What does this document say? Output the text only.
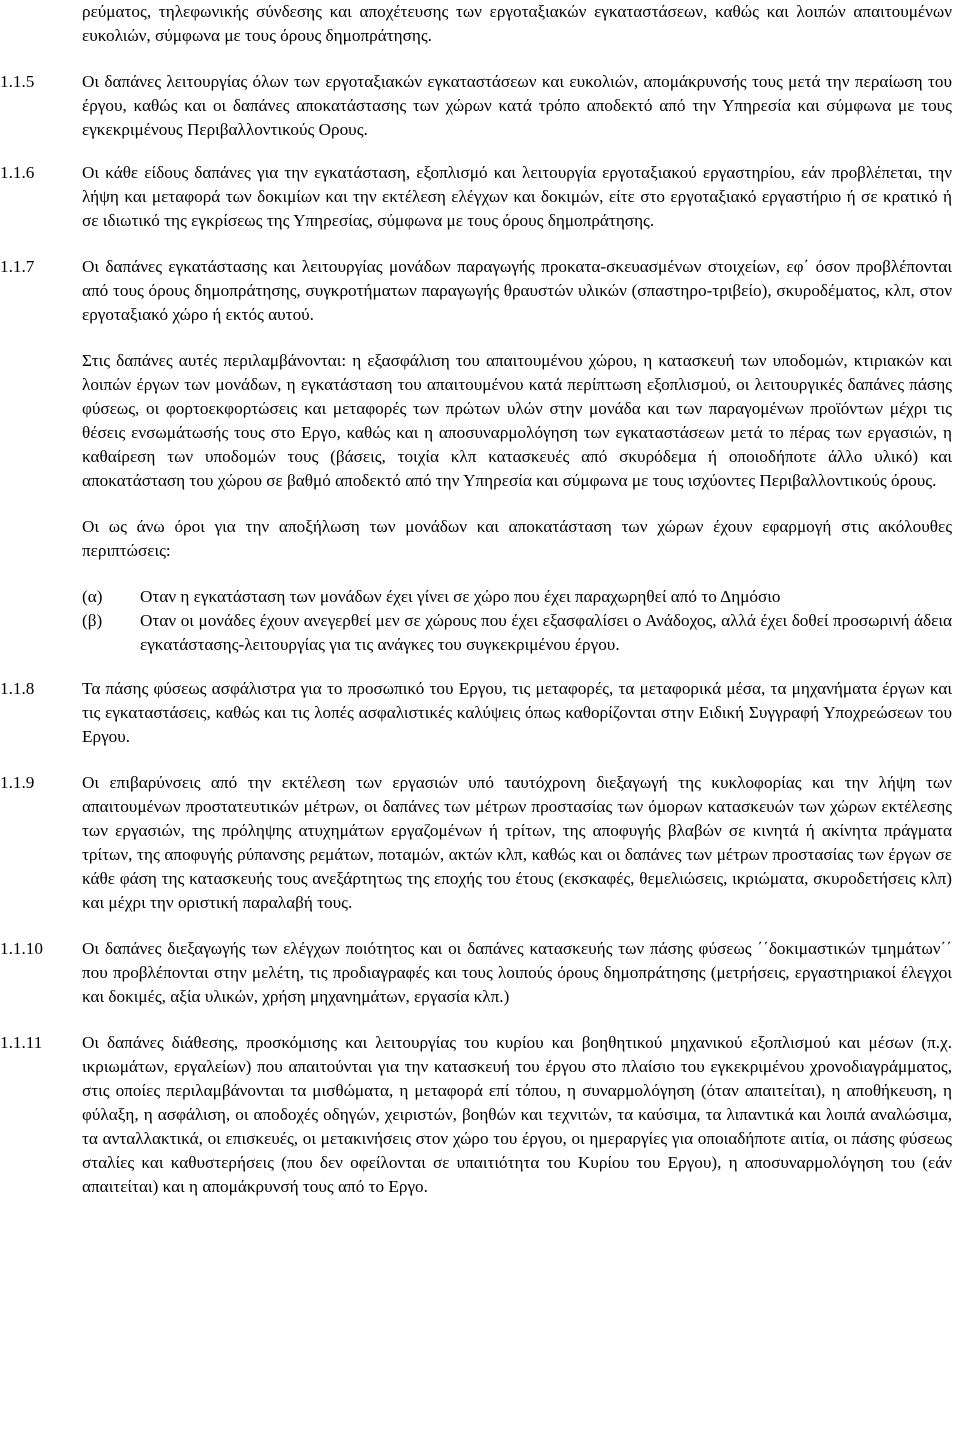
ρεύματος, τηλεφωνικής σύνδεσης και αποχέτευσης των εργοταξιακών εγκαταστάσεων, καθώς και λοιπών απαιτουμένων ευκολιών, σύμφωνα με τους όρους δημοπράτησης.

1.1.5	Οι δαπάνες λειτουργίας όλων των εργοταξιακών εγκαταστάσεων και ευκολιών, απομάκρυνσής τους μετά την περαίωση του έργου, καθώς και οι δαπάνες αποκατάστασης των χώρων κατά τρόπο αποδεκτό από την Υπηρεσία και σύμφωνα με τους εγκεκριμένους Περιβαλλοντικούς Ορους.
1.1.6	Οι κάθε είδους δαπάνες για την εγκατάσταση, εξοπλισμό και λειτουργία εργοταξιακού εργαστηρίου, εάν προβλέπεται, την λήψη και μεταφορά των δοκιμίων και την εκτέλεση ελέγχων και δοκιμών, είτε στο εργοταξιακό εργαστήριο ή σε κρατικό ή σε ιδιωτικό της εγκρίσεως της Υπηρεσίας, σύμφωνα με τους όρους δημοπράτησης.
1.1.7	Οι δαπάνες εγκατάστασης και λειτουργίας μονάδων παραγωγής προκατα-σκευασμένων στοιχείων, εφ΄ όσον προβλέπονται από τους όρους δημοπράτησης, συγκροτήματων παραγωγής θραυστών υλικών (σπαστηρο-τριβείο), σκυροδέματος, κλπ, στον εργοταξιακό χώρο ή εκτός αυτού.

Στις δαπάνες αυτές περιλαμβάνονται: η εξασφάλιση του απαιτουμένου χώρου, η κατασκευή των υποδομών, κτιριακών και λοιπών έργων των μονάδων, η εγκατάσταση του απαιτουμένου κατά περίπτωση εξοπλισμού, οι λειτουργικές δαπάνες πάσης φύσεως, οι φορτοεκφορτώσεις και μεταφορές των πρώτων υλών στην μονάδα και των παραγομένων προϊόντων μέχρι τις θέσεις ενσωμάτωσής τους στο Εργο, καθώς και η αποσυναρμολόγηση των εγκαταστάσεων μετά το πέρας των εργασιών, η καθαίρεση των υποδομών τους (βάσεις, τοιχία κλπ κατασκευές από σκυρόδεμα ή οποιοδήποτε άλλο υλικό) και αποκατάσταση του χώρου σε βαθμό αποδεκτό από την Υπηρεσία και σύμφωνα με τους ισχύοντες Περιβαλλοντικούς όρους.

Οι ως άνω όροι για την αποξήλωση των μονάδων και αποκατάσταση των χώρων έχουν εφαρμογή στις ακόλουθες περιπτώσεις:

(α)	Οταν η εγκατάσταση των μονάδων έχει γίνει σε χώρο που έχει παραχωρηθεί από το Δημόσιο
(β)	Οταν οι μονάδες έχουν ανεγερθεί μεν σε χώρους που έχει εξασφαλίσει ο Ανάδοχος, αλλά έχει δοθεί προσωρινή άδεια εγκατάστασης-λειτουργίας για τις ανάγκες του συγκεκριμένου έργου.
1.1.8	Τα πάσης φύσεως ασφάλιστρα για το προσωπικό του Εργου, τις μεταφορές, τα μεταφορικά μέσα, τα μηχανήματα έργων και τις εγκαταστάσεις, καθώς και τις λοπές ασφαλιστικές καλύψεις όπως καθορίζονται στην Ειδική Συγγραφή Υποχρεώσεων του Εργου.
1.1.9	Οι επιβαρύνσεις από την εκτέλεση των εργασιών υπό ταυτόχρονη διεξαγωγή της κυκλοφορίας και την λήψη των απαιτουμένων προστατευτικών μέτρων, οι δαπάνες των μέτρων προστασίας των όμορων κατασκευών των χώρων εκτέλεσης των εργασιών, της πρόληψης ατυχημάτων εργαζομένων ή τρίτων, της αποφυγής βλαβών σε κινητά ή ακίνητα πράγματα τρίτων, της αποφυγής ρύπανσης ρεμάτων, ποταμών, ακτών κλπ, καθώς και οι δαπάνες των μέτρων προστασίας των έργων σε κάθε φάση της κατασκευής τους ανεξάρτητως της εποχής του έτους (εκσκαφές, θεμελιώσεις, ικριώματα, σκυροδετήσεις κλπ) και μέχρι την οριστική παραλαβή τους.
1.1.10	Οι δαπάνες διεξαγωγής των ελέγχων ποιότητος και οι δαπάνες κατασκευής των πάσης φύσεως ΄΄δοκιμαστικών τμημάτων΄΄ που προβλέπονται στην μελέτη, τις προδιαγραφές και τους λοιπούς όρους δημοπράτησης (μετρήσεις, εργαστηριακοί έλεγχοι και δοκιμές, αξία υλικών, χρήση μηχανημάτων, εργασία κλπ.)
1.1.11	Οι δαπάνες διάθεσης, προσκόμισης και λειτουργίας του κυρίου και βοηθητικού μηχανικού εξοπλισμού και μέσων (π.χ. ικριωμάτων, εργαλείων) που απαιτούνται για την κατασκευή του έργου στο πλαίσιο του εγκεκριμένου χρονοδιαγράμματος, στις οποίες περιλαμβάνονται τα μισθώματα, η μεταφορά επί τόπου, η συναρμολόγηση (όταν απαιτείται), η αποθήκευση, η φύλαξη, η ασφάλιση, οι αποδοχές οδηγών, χειριστών, βοηθών και τεχνιτών, τα καύσιμα, τα λιπαντικά και λοιπά αναλώσιμα, τα ανταλλακτικά, οι επισκευές, οι μετακινήσεις στον χώρο του έργου, οι ημεραργίες για οποιαδήποτε αιτία, οι πάσης φύσεως σταλίες και καθυστερήσεις (που δεν οφείλονται σε υπαιτιότητα του Κυρίου του Εργου), η αποσυναρμολόγηση του (εάν απαιτείται) και η απομάκρυνσή τους από το Εργο.
